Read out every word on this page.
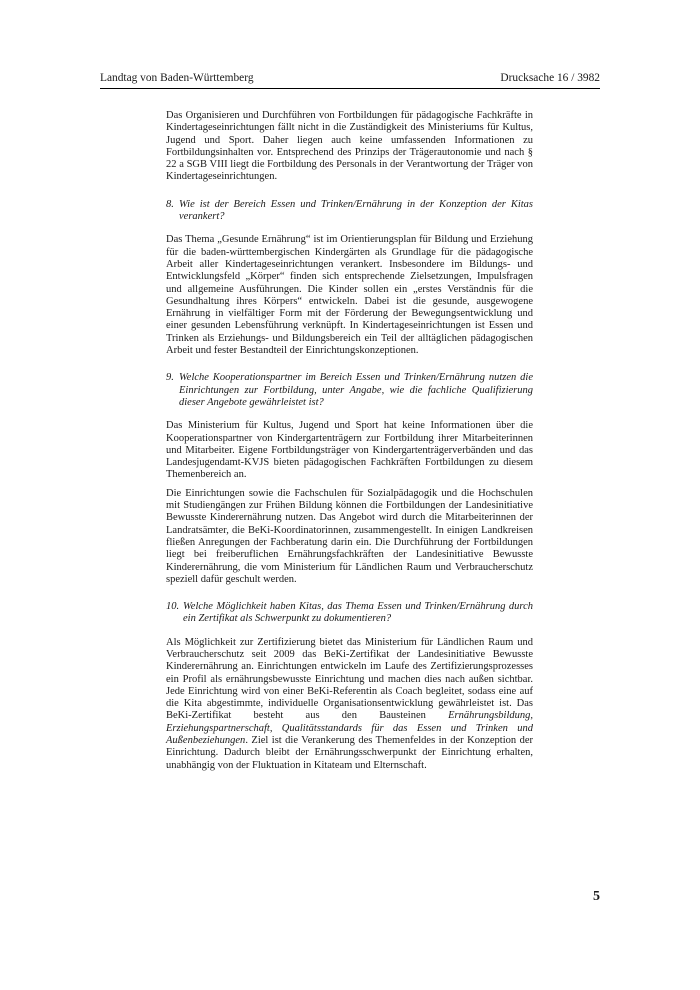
Landtag von Baden-Württemberg	Drucksache 16 / 3982

Das Organisieren und Durchführen von Fortbildungen für pädagogische Fachkräfte in Kindertageseinrichtungen fällt nicht in die Zuständigkeit des Ministeriums für Kultus, Jugend und Sport. Daher liegen auch keine umfassenden Informationen zu Fortbildungsinhalten vor. Entsprechend des Prinzips der Trägerautonomie und nach § 22 a SGB VIII liegt die Fortbildung des Personals in der Verantwortung der Träger von Kindertageseinrichtungen.

8. Wie ist der Bereich Essen und Trinken/Ernährung in der Konzeption der Kitas verankert?

Das Thema „Gesunde Ernährung“ ist im Orientierungsplan für Bildung und Erziehung für die baden-württembergischen Kindergärten als Grundlage für die pädagogische Arbeit aller Kindertageseinrichtungen verankert. Insbesondere im Bildungs- und Entwicklungsfeld „Körper“ finden sich entsprechende Zielsetzungen, Impulsfragen und allgemeine Ausführungen. Die Kinder sollen ein „erstes Verständnis für die Gesundhaltung ihres Körpers“ entwickeln. Dabei ist die gesunde, ausgewogene Ernährung in vielfältiger Form mit der Förderung der Bewegungsentwicklung und einer gesunden Lebensführung verknüpft. In Kindertageseinrichtungen ist Essen und Trinken als Erziehungs- und Bildungsbereich ein Teil der alltäglichen pädagogischen Arbeit und fester Bestandteil der Einrichtungskonzeptionen.

9. Welche Kooperationspartner im Bereich Essen und Trinken/Ernährung nutzen die Einrichtungen zur Fortbildung, unter Angabe, wie die fachliche Qualifizierung dieser Angebote gewährleistet ist?

Das Ministerium für Kultus, Jugend und Sport hat keine Informationen über die Kooperationspartner von Kindergartenträgern zur Fortbildung ihrer Mitarbeiterinnen und Mitarbeiter. Eigene Fortbildungsträger von Kindergartenträgerverbänden und das Landesjugendamt-KVJS bieten pädagogischen Fachkräften Fortbildungen zu diesem Themenbereich an.

Die Einrichtungen sowie die Fachschulen für Sozialpädagogik und die Hochschulen mit Studiengängen zur Frühen Bildung können die Fortbildungen der Landesinitiative Bewusste Kinderernährung nutzen. Das Angebot wird durch die Mitarbeiterinnen der Landratsämter, die BeKi-Koordinatorinnen, zusammengestellt. In einigen Landkreisen fließen Anregungen der Fachberatung darin ein. Die Durchführung der Fortbildungen liegt bei freiberuflichen Ernährungsfachkräften der Landesinitiative Bewusste Kinderernährung, die vom Ministerium für Ländlichen Raum und Verbraucherschutz speziell dafür geschult werden.

10. Welche Möglichkeit haben Kitas, das Thema Essen und Trinken/Ernährung durch ein Zertifikat als Schwerpunkt zu dokumentieren?

Als Möglichkeit zur Zertifizierung bietet das Ministerium für Ländlichen Raum und Verbraucherschutz seit 2009 das BeKi-Zertifikat der Landesinitiative Bewusste Kinderernährung an. Einrichtungen entwickeln im Laufe des Zertifizierungsprozesses ein Profil als ernährungsbewusste Einrichtung und machen dies nach außen sichtbar. Jede Einrichtung wird von einer BeKi-Referentin als Coach begleitet, sodass eine auf die Kita abgestimmte, individuelle Organisationsentwicklung gewährleistet ist. Das BeKi-Zertifikat besteht aus den Bausteinen Ernährungsbildung, Erziehungspartnerschaft, Qualitätsstandards für das Essen und Trinken und Außenbeziehungen. Ziel ist die Verankerung des Themenfeldes in der Konzeption der Einrichtung. Dadurch bleibt der Ernährungsschwerpunkt der Einrichtung erhalten, unabhängig von der Fluktuation in Kitateam und Elternschaft.

5
